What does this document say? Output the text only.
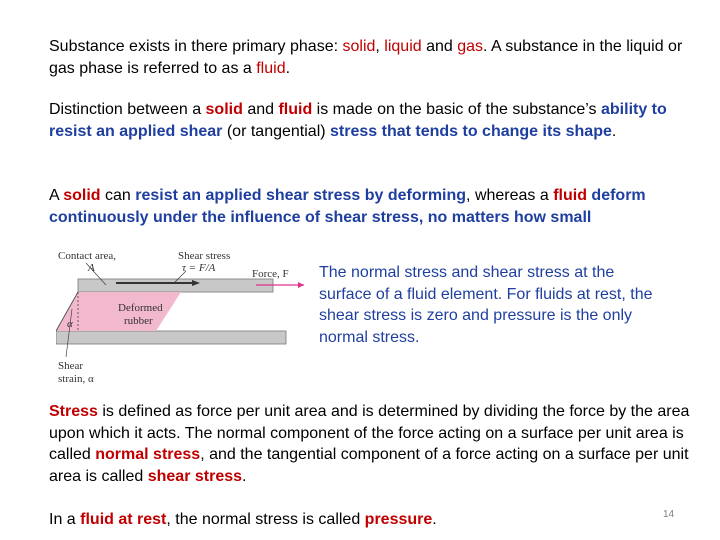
Substance exists in there primary phase: solid, liquid and gas. A substance in the liquid or gas phase is referred to as a fluid.

Distinction between a solid and fluid is made on the basic of the substance’s ability to resist an applied shear (or tangential) stress that tends to change its shape.

A solid can resist an applied shear stress by deforming, whereas a fluid deform continuously under the influence of shear stress, no matters how small

Contact area,
A
Shear stress
τ = F/A	Force, F
Deformed
rubber
α
Shear
strain, α

The normal stress and shear stress at the surface of a fluid element. For fluids at rest, the shear stress is zero and pressure is the only normal stress.

Stress is defined as force per unit area and is determined by dividing the force by the area upon which it acts. The normal component of the force acting on a surface per unit area is called normal stress, and the tangential component of a force acting on a surface per unit area is called shear stress.

In a fluid at rest, the normal stress is called pressure.	14
